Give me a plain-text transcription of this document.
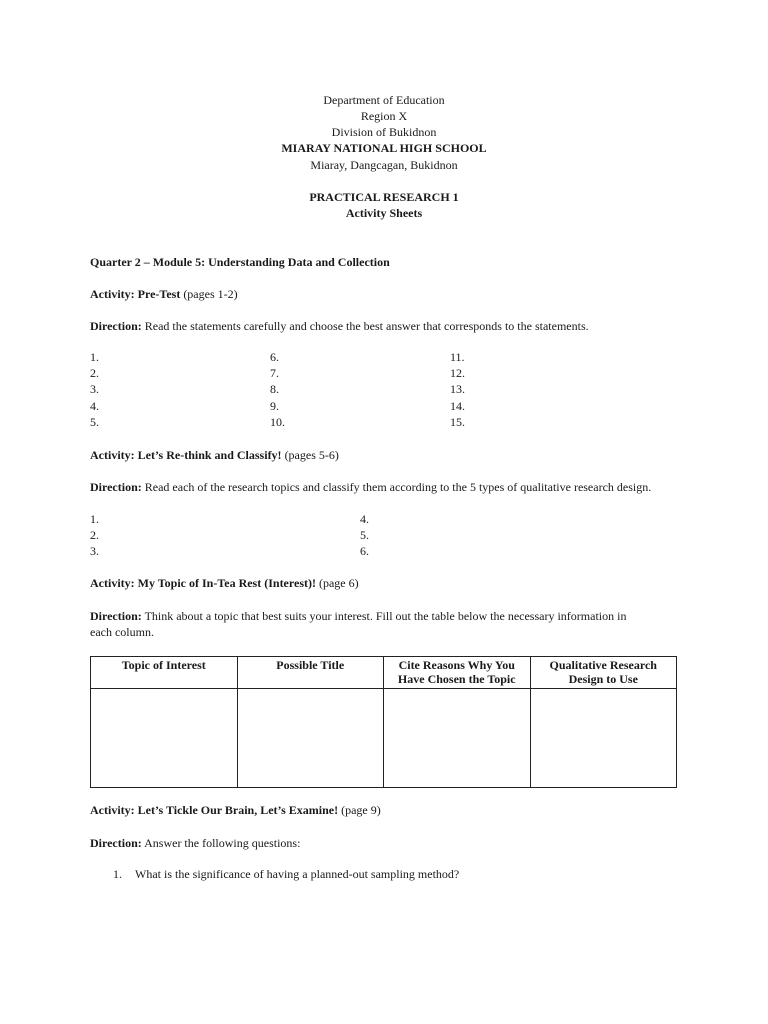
Department of Education
Region X
Division of Bukidnon
MIARAY NATIONAL HIGH SCHOOL
Miaray, Dangcagan, Bukidnon
PRACTICAL RESEARCH 1
Activity Sheets
Quarter 2 – Module 5: Understanding Data and Collection
Activity: Pre-Test (pages 1-2)
Direction: Read the statements carefully and choose the best answer that corresponds to the statements.
1.
2.
3.
4.
5.
6.
7.
8.
9.
10.
11.
12.
13.
14.
15.
Activity: Let’s Re-think and Classify! (pages 5-6)
Direction: Read each of the research topics and classify them according to the 5 types of qualitative research design.
1.
2.
3.
4.
5.
6.
Activity: My Topic of In-Tea Rest (Interest)! (page 6)
Direction: Think about a topic that best suits your interest. Fill out the table below the necessary information in
each column.
Topic of Interest	Possible Title	Cite Reasons Why You Have Chosen the Topic	Qualitative Research Design to Use

Activity: Let’s Tickle Our Brain, Let’s Examine! (page 9)
Direction: Answer the following questions:
1. What is the significance of having a planned-out sampling method?
